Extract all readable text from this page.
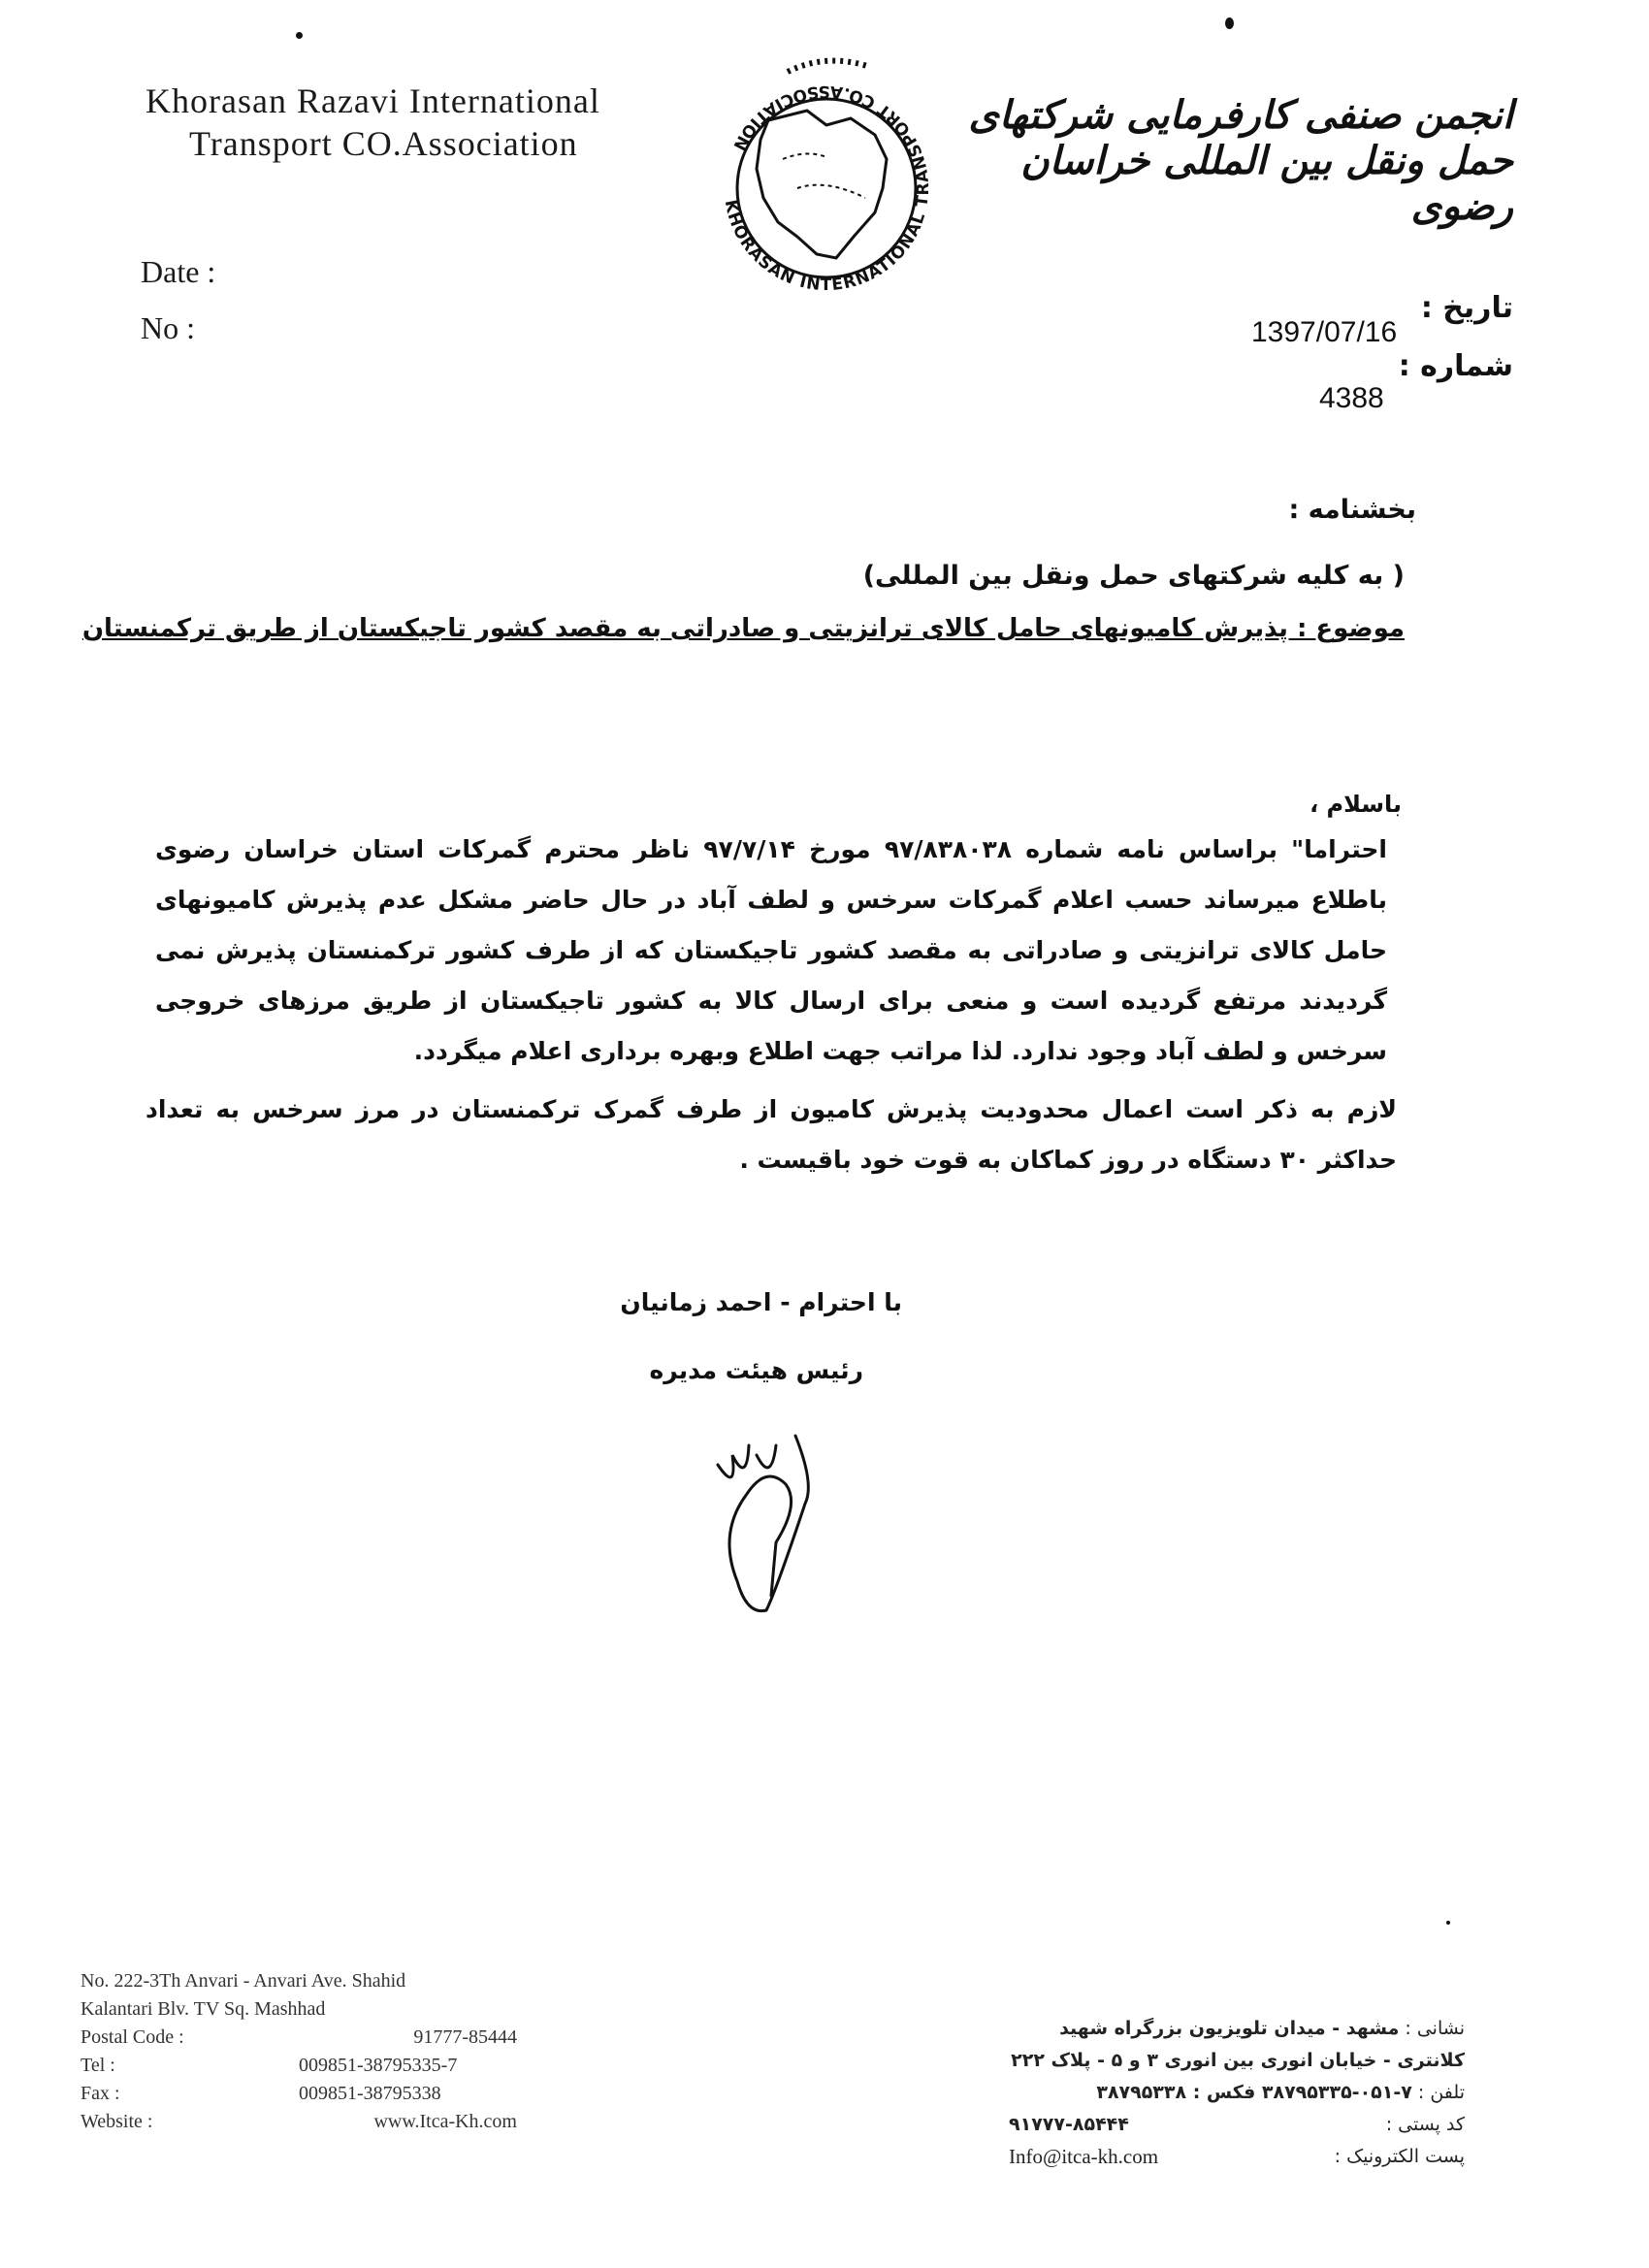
Khorasan Razavi International
Transport CO.Association
KHORASAN INTERNATIONAL TRANSPORT CO.ASSOCIATION
انجمن صنفی کارفرمایی شرکتهای حمل ونقل بین المللی خراسان رضوی
Date :
No :
تاریخ :
1397/07/16
شماره :
4388
بخشنامه :
( به کلیه شرکتهای حمل ونقل بین المللی)
موضوع : پذیرش کامیونهای حامل کالای ترانزیتی و صادراتی به مقصد کشور تاجیکستان از طریق ترکمنستان
باسلام ،
احتراما" براساس نامه شماره ۹۷/۸۳۸۰۳۸ مورخ ۹۷/۷/۱۴ ناظر محترم گمرکات استان خراسان رضوی باطلاع میرساند حسب اعلام گمرکات سرخس و لطف آباد در حال حاضر مشکل عدم پذیرش کامیونهای حامل کالای ترانزیتی و صادراتی به مقصد کشور تاجیکستان که از طرف کشور ترکمنستان پذیرش نمی گردیدند مرتفع گردیده است و منعی برای ارسال کالا به کشور تاجیکستان از طریق مرزهای خروجی سرخس و لطف آباد وجود ندارد. لذا مراتب جهت اطلاع وبهره برداری اعلام میگردد.
لازم به ذکر است اعمال محدودیت پذیرش کامیون از طرف گمرک ترکمنستان در مرز سرخس به تعداد حداکثر ۳۰ دستگاه در روز کماکان به قوت خود باقیست .
با احترام - احمد زمانیان
رئیس هیئت مدیره
No. 222-3Th Anvari - Anvari Ave. Shahid
Kalantari Blv. TV Sq. Mashhad
Postal Code :	91777-85444
Tel :	009851-38795335-7
Fax :	009851-38795338
Website :	www.Itca-Kh.com
نشانی : مشهد - میدان تلویزیون بزرگراه شهید
کلانتری - خیابان انوری بین انوری ۳ و ۵ - پلاک ۲۲۲
تلفن : ۷-۰۵۱-۳۸۷۹۵۳۳۵ فکس : ۳۸۷۹۵۳۳۸
کد پستی :
۹۱۷۷۷-۸۵۴۴۴
پست الکترونیک :
Info@itca-kh.com
